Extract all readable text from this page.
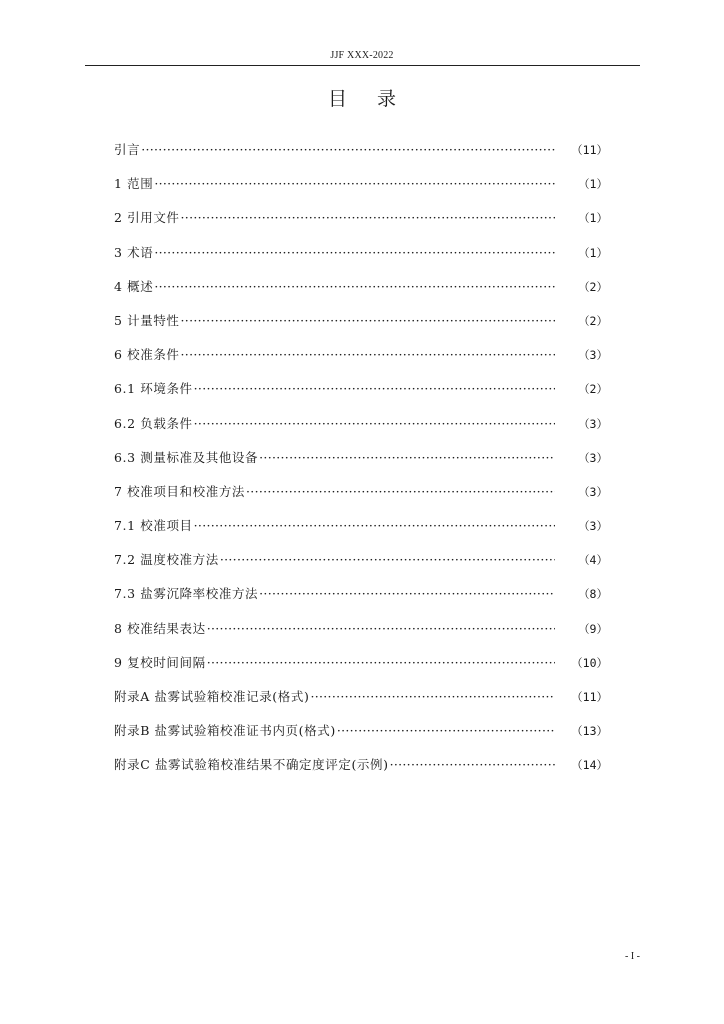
JJF XXX-2022
目录
引言 ·····	（11）
1 范围 ·····	（1）
2 引用文件 ·····	（1）
3 术语 ·····	（1）
4 概述 ·····	（2）
5 计量特性 ·····	（2）
6 校准条件 ·····	（3）
6.1 环境条件 ·····	（2）
6.2 负载条件 ·····	（3）
6.3 测量标准及其他设备 ·····	（3）
7 校准项目和校准方法 ·····	（3）
7.1 校准项目 ·····	（3）
7.2 温度校准方法 ·····	（4）
7.3 盐雾沉降率校准方法 ·····	（8）
8 校准结果表达 ·····	（9）
9 复校时间间隔 ·····	（10）
附录A 盐雾试验箱校准记录(格式) ·····	（11）
附录B 盐雾试验箱校准证书内页(格式) ·····	（13）
附录C 盐雾试验箱校准结果不确定度评定(示例) ·····	（14）
- I -
